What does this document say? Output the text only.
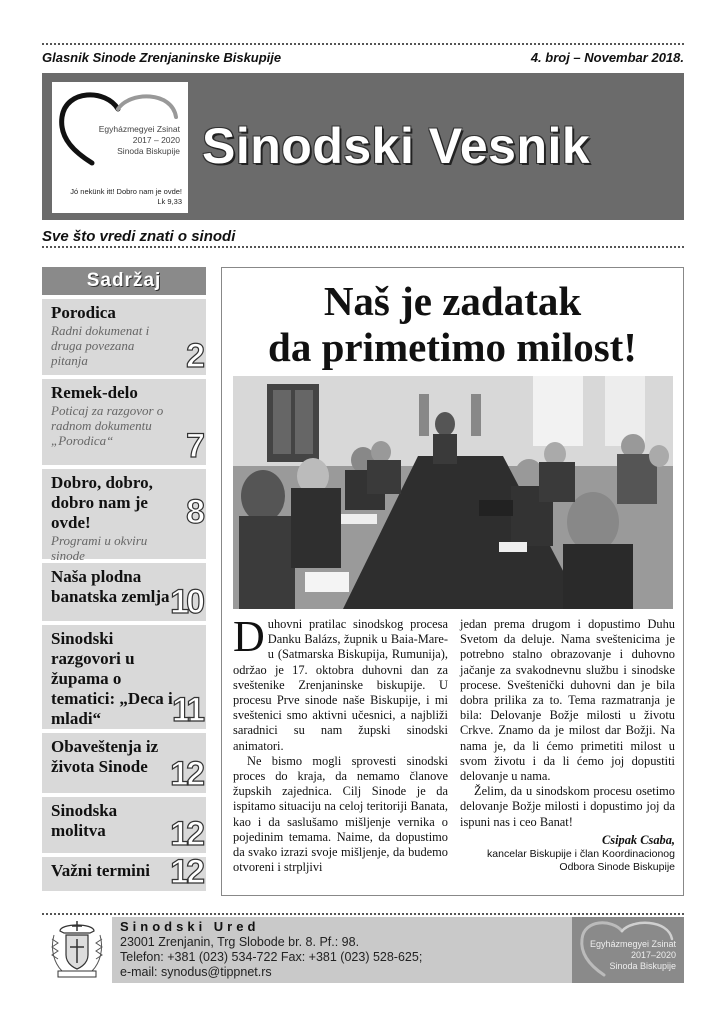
Glasnik Sinode Zrenjaninske Biskupije	4. broj – Novembar 2018.
Egyházmegyei Zsinat
2017 – 2020
Sinoda Biskupije
Jó nekünk itt! Dobro nam je ovde!
Lk 9,33
Sinodski Vesnik
Sve što vredi znati o sinodi
Sadržaj
Porodica
Radni dokumenat i druga povezana pitanja	2
Remek-delo
Poticaj za razgovor o radnom dokumentu „Porodica“	7
Dobro, dobro, dobro nam je ovde!
Programi u okviru sinode
8
Naša plodna banatska zemlja 10
Sinodski razgovori u župama o tematici: „Deca i mladi“	11
Obaveštenja iz života Sinode 12
Sinodska molitva	12
Važni termini 12
Naš je zadatak
da primetimo milost!

Duhovni pratilac sinodskog procesa Danku Balázs, župnik u Baia-Mare-u (Satmarska Biskupija, Rumunija), održao je 17. oktobra duhovni dan za sveštenike Zrenjaninske biskupije. U procesu Prve sinode naše Biskupije, i mi sveštenici smo aktivni učesnici, a najbliži saradnici su nam župski sinodski animatori.

Ne bismo mogli sprovesti sinodski proces do kraja, da nemamo članove župskih zajednica. Cilj Sinode je da ispitamo situaciju na celoj teritoriji Banata, kao i da saslušamo mišljenje vernika o pojedinim temama. Naime, da dopustimo da svako izrazi svoje mišljenje, da budemo otvoreni i strpljivi

jedan prema drugom i dopustimo Duhu Svetom da deluje. Nama sveštenicima je potrebno stalno obrazovanje i duhovno jačanje za svakodnevnu službu i sinodske procese. Sveštenički duhovni dan je bila dobra prilika za to. Tema razmatranja je bila: Delovanje Božje milosti u životu Crkve. Znamo da je milost dar Božji. Na nama je, da li ćemo primetiti milost u svom životu i da li ćemo joj dopustiti delovanje u nama.

Želim, da u sinodskom procesu osetimo delovanje Božje milosti i dopustimo joj da ispuni nas i ceo Banat!

Csipak Csaba,
kancelar Biskupije i član Koordinacionog
Odbora Sinode Biskupije
Sinodski Ured
23001 Zrenjanin, Trg Slobode br. 8. Pf.: 98.
Telefon: +381 (023) 534-722 Fax: +381 (023) 528-625;
e-mail: synodus@tippnet.rs
Egyházmegyei Zsinat
2017–2020
Sinoda Biskupije
